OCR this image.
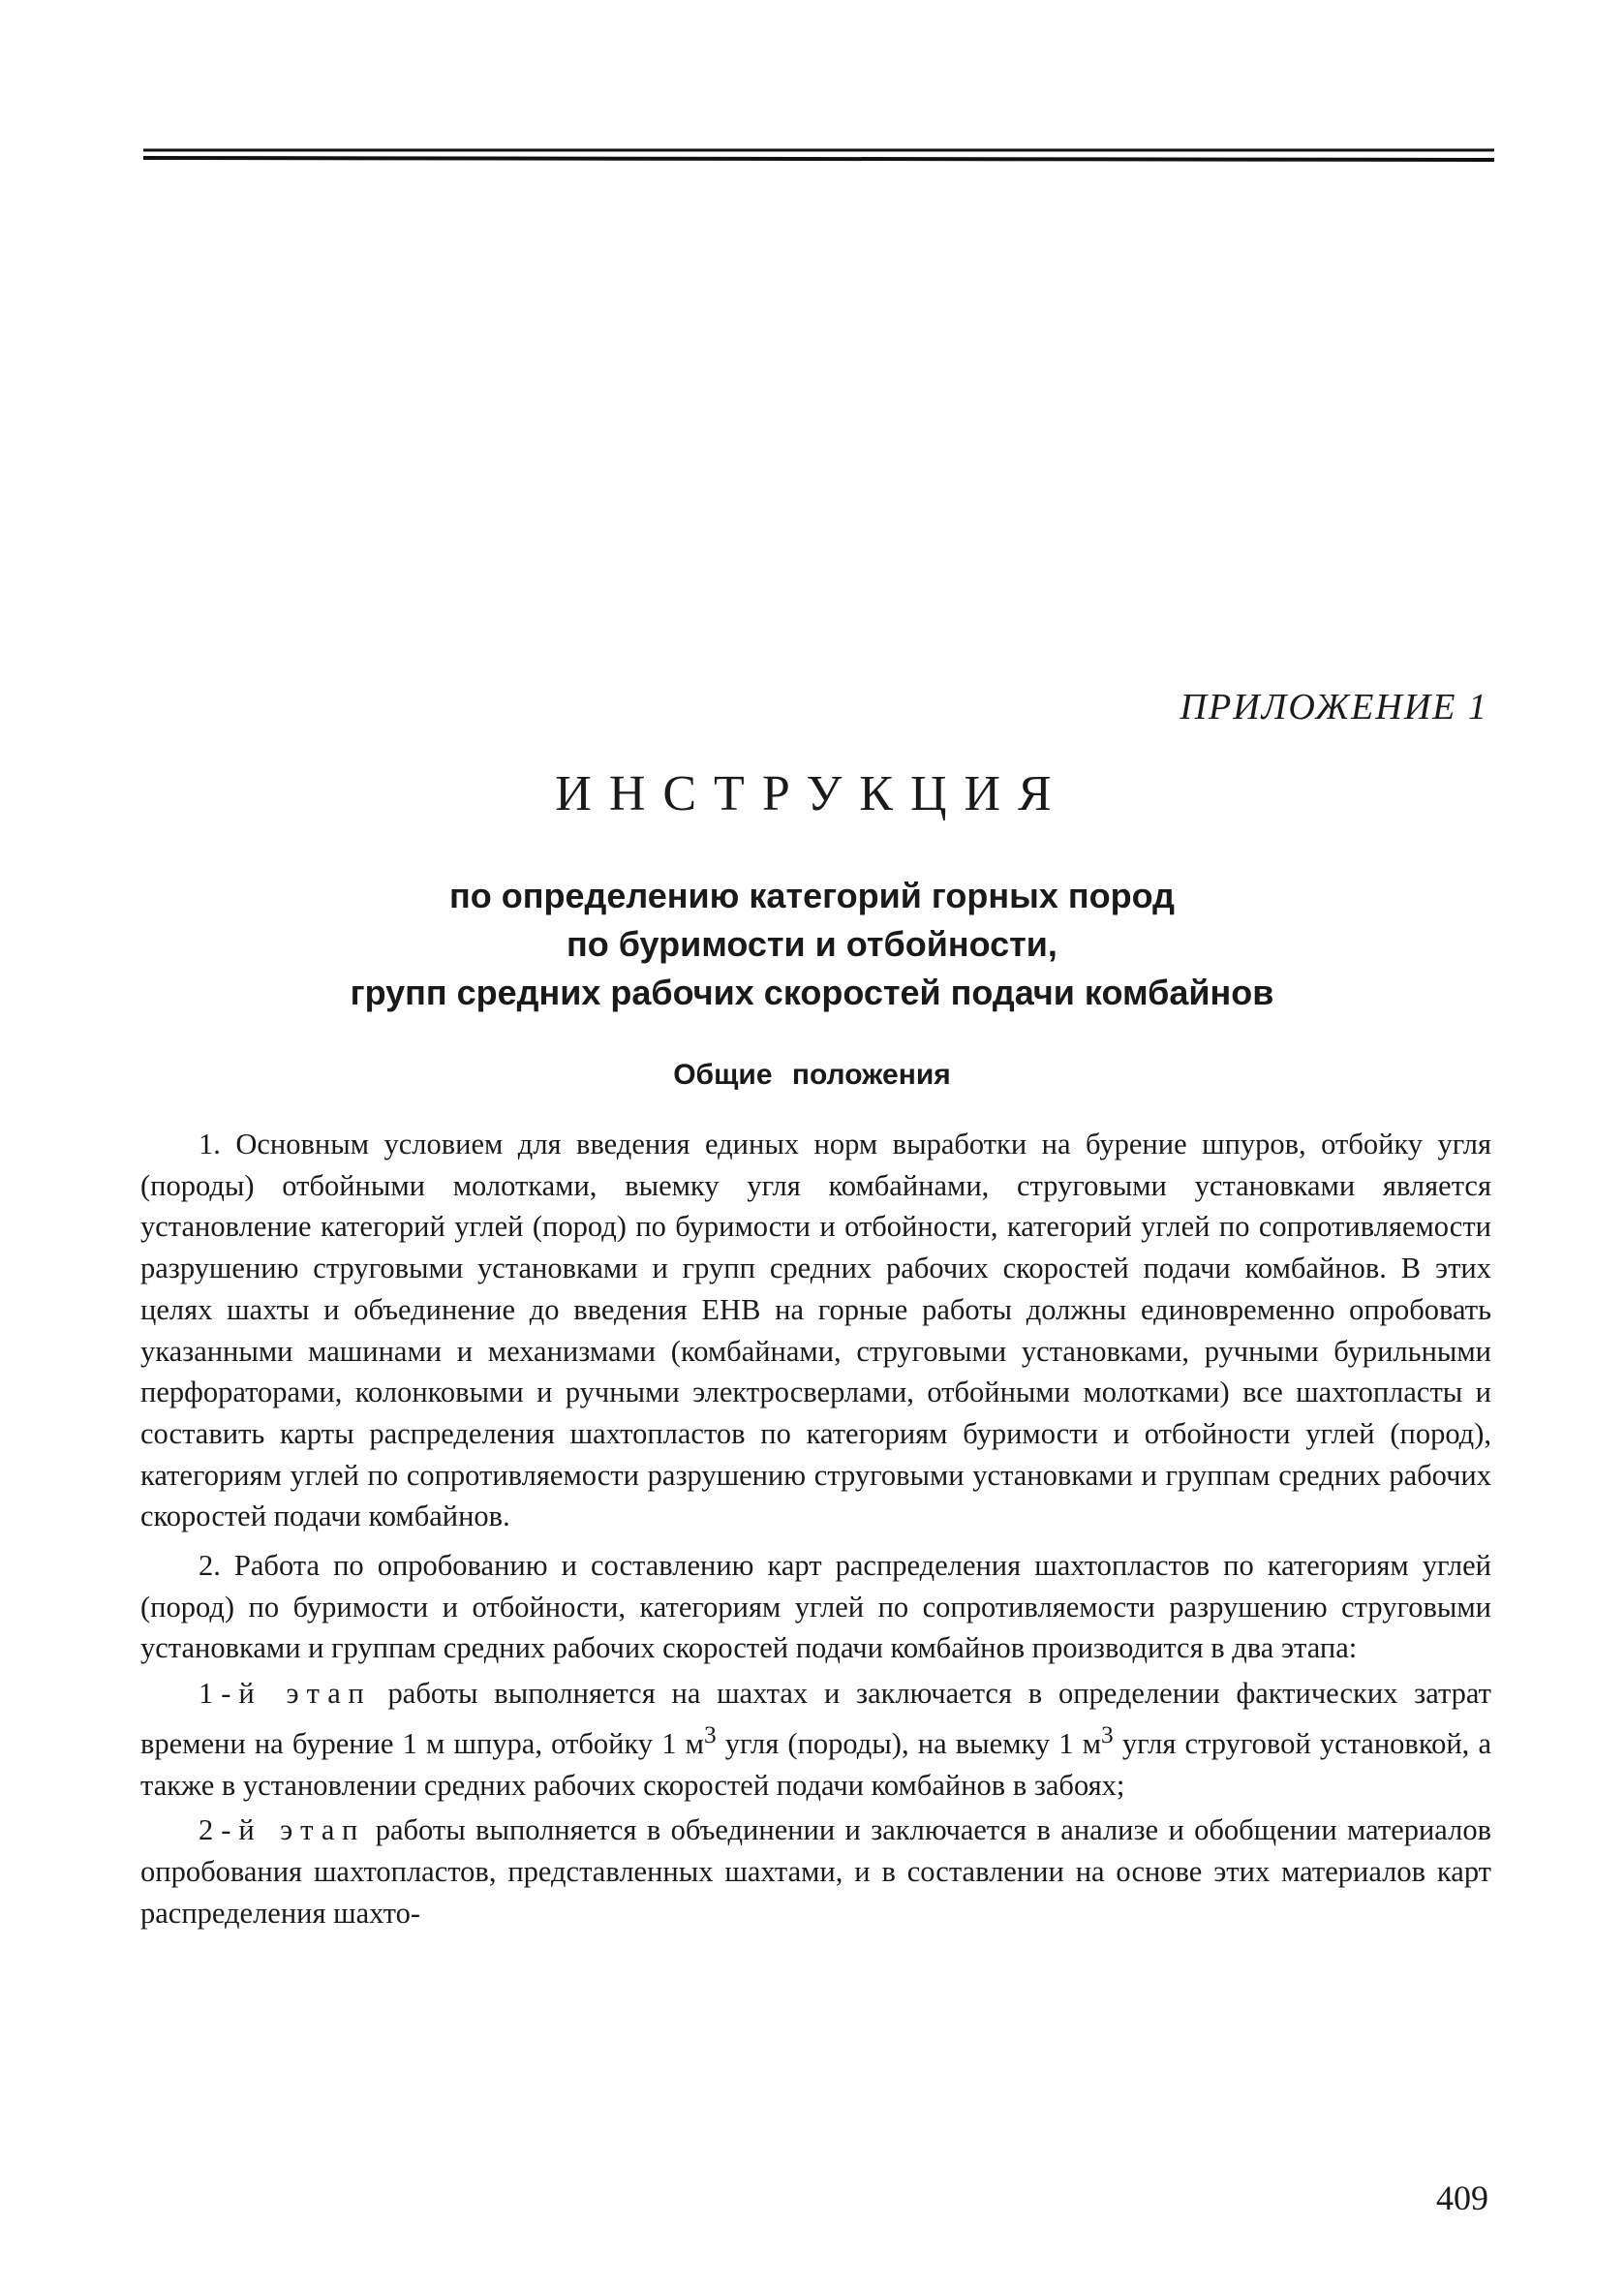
ПРИЛОЖЕНИЕ 1
ИНСТРУКЦИЯ
по определению категорий горных пород
по буримости и отбойности,
групп средних рабочих скоростей подачи комбайнов
Общие положения

1. Основным условием для введения единых норм выработки на бурение шпуров, отбойку угля (породы) отбойными молотками, выемку угля комбайнами, струговыми установками является установление категорий углей (пород) по буримости и отбойности, категорий углей по сопротивляемости разрушению струговыми установками и групп средних рабочих скоростей подачи комбайнов. В этих целях шахты и объединение до введения ЕНВ на горные работы должны единовременно опробовать указанными машинами и механизмами (комбайнами, струговыми установками, ручными бурильными перфораторами, колонковыми и ручными электросверлами, отбойными молотками) все шахтопласты и составить карты распределения шахтопластов по категориям буримости и отбойности углей (пород), категориям углей по сопротивляемости разрушению струговыми установками и группам средних рабочих скоростей подачи комбайнов.

2. Работа по опробованию и составлению карт распределения шахтопластов по категориям углей (пород) по буримости и отбойности, категориям углей по сопротивляемости разрушению струговыми установками и группам средних рабочих скоростей подачи комбайнов производится в два этапа:

1-й этап работы выполняется на шахтах и заключается в определении фактических затрат времени на бурение 1 м шпура, отбойку 1 $м^3$ угля (породы), на выемку 1 $м^3$ угля струговой установкой, а также в установлении средних рабочих скоростей подачи комбайнов в забоях;

2-й этап работы выполняется в объединении и заключается в анализе и обобщении материалов опробования шахтопластов, представленных шахтами, и в составлении на основе этих материалов карт распределения шахто-

409
